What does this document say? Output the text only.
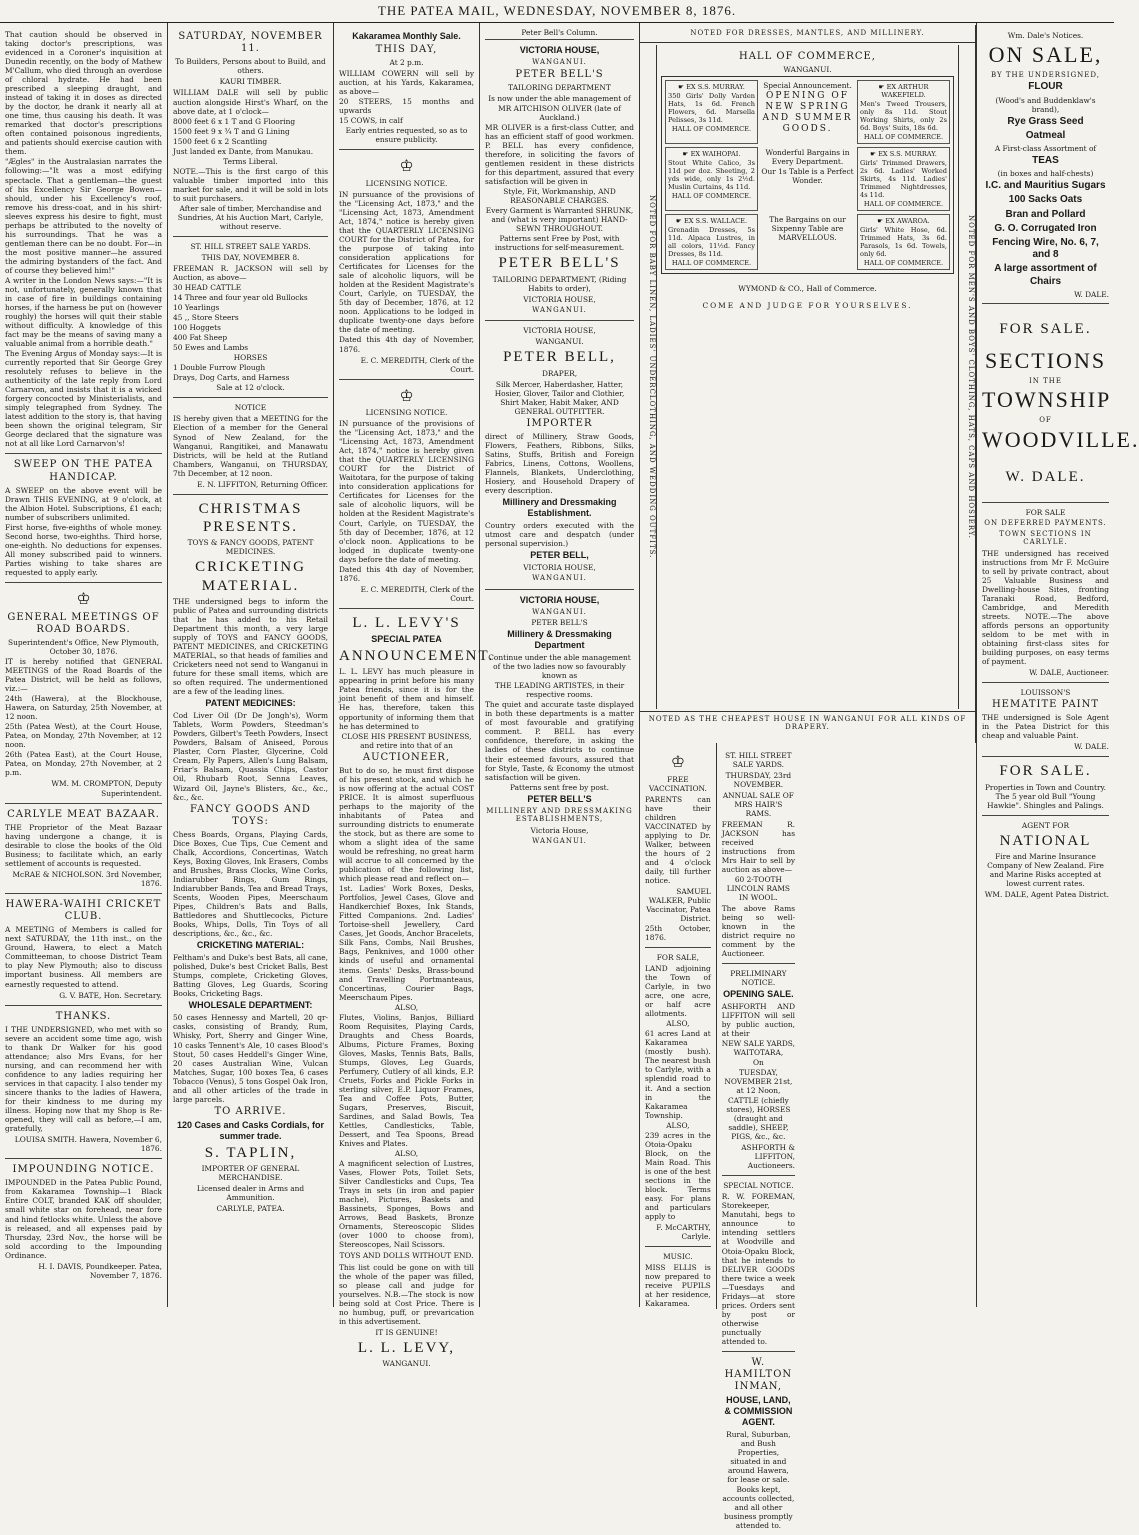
THE PATEA MAIL, WEDNESDAY, NOVEMBER 8, 1876.

That caution should be observed in taking doctor's prescriptions, was evidenced in a Coroner's inquisition at Dunedin recently, on the body of Mathew M'Callum, who died through an overdose of chloral hydrate. He had been prescribed a sleeping draught, and instead of taking it in doses as directed by the doctor, he drank it nearly all at one time, thus causing his death. It was remarked that doctor's prescriptions often contained poisonous ingredients, and patients should exercise caution with them.

"Ægles" in the Australasian narrates the following:—"It was a most edifying spectacle. That a gentleman—the guest of his Excellency Sir George Bowen—should, under his Excellency's roof, remove his dress-coat, and in his shirt-sleeves express his desire to fight, must perhaps be attributed to the novelty of his surroundings. That he was a gentleman there can be no doubt. For—in the most positive manner—he assured the admiring bystanders of the fact. And of course they believed him!"

A writer in the London News says:—"It is not, unfortunately, generally known that in case of fire in buildings containing horses, if the harness be put on (however roughly) the horses will quit their stable without difficulty. A knowledge of this fact may be the means of saving many a valuable animal from a horrible death."

The Evening Argus of Monday says:—It is currently reported that Sir George Grey resolutely refuses to believe in the authenticity of the late reply from Lord Carnarvon, and insists that it is a wicked forgery concocted by Ministerialists, and simply telegraphed from Sydney. The latest addition to the story is, that having been shown the original telegram, Sir George declared that the signature was not at all like Lord Carnarvon's!

SWEEP ON THE PATEA HANDICAP.

A SWEEP on the above event will be Drawn THIS EVENING, at 9 o'clock, at the Albion Hotel. Subscriptions, £1 each; number of subscribers unlimited.

First horse, five-eighths of whole money. Second horse, two-eighths. Third horse, one-eighth. No deductions for expenses. All money subscribed paid to winners. Parties wishing to take shares are requested to apply early.

♔
GENERAL MEETINGS OF ROAD BOARDS.

Superintendent's Office, New Plymouth, October 30, 1876.

IT is hereby notified that GENERAL MEETINGS of the Road Boards of the Patea District, will be held as follows, viz.:—

24th (Hawera), at the Blockhouse, Hawera, on Saturday, 25th November, at 12 noon.

25th (Patea West), at the Court House, Patea, on Monday, 27th November, at 12 noon.

26th (Patea East), at the Court House, Patea, on Monday, 27th November, at 2 p.m.

WM. M. CROMPTON, Deputy Superintendent.

CARLYLE MEAT BAZAAR.

THE Proprietor of the Meat Bazaar having undergone a change, it is desirable to close the books of the Old Business; to facilitate which, an early settlement of accounts is requested.

McRAE & NICHOLSON. 3rd November, 1876.

HAWERA-WAIHI CRICKET CLUB.

A MEETING of Members is called for next SATURDAY, the 11th inst., on the Ground, Hawera, to elect a Match Committeeman, to choose District Team to play New Plymouth; also to discuss important business. All members are earnestly requested to attend.

G. V. BATE, Hon. Secretary.

THANKS.

I THE UNDERSIGNED, who met with so severe an accident some time ago, wish to thank Dr Walker for his good attendance; also Mrs Evans, for her nursing, and can recommend her with confidence to any ladies requiring her services in that capacity. I also tender my sincere thanks to the ladies of Hawera, for their kindness to me during my illness. Hoping now that my Shop is Re-opened, they will call as before,—I am, gratefully,

LOUISA SMITH. Hawera, November 6, 1876.

IMPOUNDING NOTICE.

IMPOUNDED in the Patea Public Pound, from Kakaramea Township—1 Black Entire COLT, branded KAK off shoulder, small white star on forehead, near fore and hind fetlocks white. Unless the above is released, and all expenses paid by Thursday, 23rd Nov., the horse will be sold according to the Impounding Ordinance.

H. I. DAVIS, Poundkeeper. Patea, November 7, 1876.

SATURDAY, NOVEMBER 11.
To Builders, Persons about to Build, and others.
KAURI TIMBER.

WILLIAM DALE will sell by public auction alongside Hirst's Wharf, on the above date, at 1 o'clock—

8000 feet 6 x 1 T and G Flooring

1500 feet 9 x ¾ T and G Lining

1500 feet 6 x 2 Scantling

Just landed ex Dante, from Manukau.

Terms Liberal.

NOTE.—This is the first cargo of this valuable timber imported into this market for sale, and it will be sold in lots to suit purchasers.

After sale of timber, Merchandise and Sundries, At his Auction Mart, Carlyle, without reserve.

ST. HILL STREET SALE YARDS.
THIS DAY, NOVEMBER 8.

FREEMAN R. JACKSON will sell by Auction, as above—

30 HEAD CATTLE

14 Three and four year old Bullocks

10 Yearlings

45 ,, Store Steers

100 Hoggets

400 Fat Sheep

50 Ewes and Lambs

HORSES

1 Double Furrow Plough

Drays, Dog Carts, and Harness

Sale at 12 o'clock.

NOTICE

IS hereby given that a MEETING for the Election of a member for the General Synod of New Zealand, for the Wanganui, Rangitikei, and Manawatu Districts, will be held at the Rutland Chambers, Wanganui, on THURSDAY, 7th December, at 12 noon.

E. N. LIFFITON, Returning Officer.

CHRISTMAS PRESENTS.
TOYS & FANCY GOODS, PATENT MEDICINES.
CRICKETING MATERIAL.

THE undersigned begs to inform the public of Patea and surrounding districts that he has added to his Retail Department this month, a very large supply of TOYS and FANCY GOODS, PATENT MEDICINES, and CRICKETING MATERIAL, so that heads of families and Cricketers need not send to Wanganui in future for these small items, which are so often required. The undermentioned are a few of the leading lines.

PATENT MEDICINES:

Cod Liver Oil (Dr De Jongh's), Worm Tablets, Worm Powders, Steedman's Powders, Gilbert's Teeth Powders, Insect Powders, Balsam of Aniseed, Porous Plaster, Corn Plaster, Glycerine, Cold Cream, Fly Papers, Allen's Lung Balsam, Friar's Balsam, Quassia Chips, Castor Oil, Rhubarb Root, Senna Leaves, Wizard Oil, Jayne's Blisters, &c., &c., &c., &c.

FANCY GOODS AND TOYS:

Chess Boards, Organs, Playing Cards, Dice Boxes, Cue Tips, Cue Cement and Chalk, Accordions, Concertinas, Watch Keys, Boxing Gloves, Ink Erasers, Combs and Brushes, Brass Clocks, Wine Corks, Indiarubber Rings, Gum Rings, Indiarubber Bands, Tea and Bread Trays, Scents, Wooden Pipes, Meerschaum Pipes, Children's Bats and Balls, Battledores and Shuttlecocks, Picture Books, Whips, Dolls, Tin Toys of all descriptions, &c., &c., &c.

CRICKETING MATERIAL:

Feltham's and Duke's best Bats, all cane, polished, Duke's best Cricket Balls, Best Stumps, complete, Cricketing Gloves, Batting Gloves, Leg Guards, Scoring Books, Cricketing Bags.

WHOLESALE DEPARTMENT:

50 cases Hennessy and Martell, 20 qr-casks, consisting of Brandy, Rum, Whisky, Port, Sherry and Ginger Wine, 10 casks Tennent's Ale, 10 cases Blood's Stout, 50 cases Heddell's Ginger Wine, 20 cases Australian Wine, Vulcan Matches, Sugar, 100 boxes Tea, 6 cases Tobacco (Venus), 5 tons Gospel Oak Iron, and all other articles of the trade in large parcels.

TO ARRIVE.
120 Cases and Casks Cordials, for summer trade.
S. TAPLIN,
IMPORTER OF GENERAL MERCHANDISE.
Licensed dealer in Arms and Ammunition.
CARLYLE, PATEA.
Kakaramea Monthly Sale.
THIS DAY,
At 2 p.m.

WILLIAM COWERN will sell by auction, at his Yards, Kakaramea, as above—

20 STEERS, 15 months and upwards

15 COWS, in calf

Early entries requested, so as to ensure publicity.

♔
LICENSING NOTICE.

IN pursuance of the provisions of the "Licensing Act, 1873," and the "Licensing Act, 1873, Amendment Act, 1874," notice is hereby given that the QUARTERLY LICENSING COURT for the District of Patea, for the purpose of taking into consideration applications for Certificates for Licenses for the sale of alcoholic liquors, will be holden at the Resident Magistrate's Court, Carlyle, on TUESDAY, the 5th day of December, 1876, at 12 noon. Applications to be lodged in duplicate twenty-one days before the date of meeting.

Dated this 4th day of November, 1876.

E. C. MEREDITH, Clerk of the Court.

♔
LICENSING NOTICE.

IN pursuance of the provisions of the "Licensing Act, 1873," and the "Licensing Act, 1873, Amendment Act, 1874," notice is hereby given that the QUARTERLY LICENSING COURT for the District of Waitotara, for the purpose of taking into consideration applications for Certificates for Licenses for the sale of alcoholic liquors, will be holden at the Resident Magistrate's Court, Carlyle, on TUESDAY, the 5th day of December, 1876, at 12 o'clock noon. Applications to be lodged in duplicate twenty-one days before the date of meeting.

Dated this 4th day of November, 1876.

E. C. MEREDITH, Clerk of the Court.

L. L. LEVY'S
SPECIAL PATEA
ANNOUNCEMENT.

L. L. LEVY has much pleasure in appearing in print before his many Patea friends, since it is for the joint benefit of them and himself. He has, therefore, taken this opportunity of informing them that he has determined to

CLOSE HIS PRESENT BUSINESS, and retire into that of an

AUCTIONEER,

But to do so, he must first dispose of his present stock, and which he is now offering at the actual COST PRICE. It is almost superfluous perhaps to the majority of the inhabitants of Patea and surrounding districts to enumerate the stock, but as there are some to whom a slight idea of the same would be refreshing, no great harm will accrue to all concerned by the publication of the following list, which please read and reflect on—

1st. Ladies' Work Boxes, Desks, Portfolios, Jewel Cases, Glove and Handkerchief Boxes, Ink Stands, Fitted Companions. 2nd. Ladies' Tortoise-shell Jewellery, Card Cases, Jet Goods, Anchor Bracelets, Silk Fans, Combs, Nail Brushes, Bags, Penknives, and 1000 other kinds of useful and ornamental items. Gents' Desks, Brass-bound and Travelling Portmanteaus, Concertinas, Courier Bags, Meerschaum Pipes.

ALSO,

Flutes, Violins, Banjos, Billiard Room Requisites, Playing Cards, Draughts and Chess Boards, Albums, Picture Frames, Boxing Gloves, Masks, Tennis Bats, Balls, Stumps, Gloves, Leg Guards, Perfumery, Cutlery of all kinds, E.P. Cruets, Forks and Pickle Forks in sterling silver, E.P. Liquor Frames, Tea and Coffee Pots, Butter, Sugars, Preserves, Biscuit, Sardines, and Salad Bowls, Tea Kettles, Candlesticks, Table, Dessert, and Tea Spoons, Bread Knives and Plates.

ALSO,

A magnificent selection of Lustres, Vases, Flower Pots, Toilet Sets, Silver Candlesticks and Cups, Tea Trays in sets (in iron and papier mache), Pictures, Baskets and Bassinets, Sponges, Bows and Arrows, Bead Baskets, Bronze Ornaments, Stereoscopic Slides (over 1000 to choose from), Stereoscopes, Nail Scissors.

TOYS AND DOLLS WITHOUT END.

This list could be gone on with till the whole of the paper was filled, so please call and judge for yourselves. N.B.—The stock is now being sold at Cost Price. There is no humbug, puff, or prevarication in this advertisement.

IT IS GENUINE!
L. L. LEVY,
WANGANUI.
Peter Bell's Column.
VICTORIA HOUSE,
WANGANUI.
PETER BELL'S
TAILORING DEPARTMENT

Is now under the able management of

MR AITCHISON OLIVER (late of Auckland.)

MR OLIVER is a first-class Cutter, and has an efficient staff of good workmen. P. BELL has every confidence, therefore, in soliciting the favors of gentlemen resident in these districts for this department, assured that every satisfaction will be given in

Style, Fit, Workmanship, AND REASONABLE CHARGES.

Every Garment is Warranted SHRUNK, and (what is very important) HAND-SEWN THROUGHOUT.

Patterns sent Free by Post, with instructions for self-measurement.

PETER BELL'S

TAILORING DEPARTMENT, (Riding Habits to order),

VICTORIA HOUSE,
WANGANUI.
VICTORIA HOUSE,
WANGANUI.
PETER BELL,
DRAPER,

Silk Mercer, Haberdasher, Hatter, Hosier, Glover, Tailor and Clothier, Shirt Maker, Habit Maker, AND GENERAL OUTFITTER.

IMPORTER

direct of Millinery, Straw Goods, Flowers, Feathers, Ribbons, Silks, Satins, Stuffs, British and Foreign Fabrics, Linens, Cottons, Woollens, Flannels, Blankets, Underclothing, Hosiery, and Household Drapery of every description.

Millinery and Dressmaking Establishment.

Country orders executed with the utmost care and despatch (under personal supervision.)

PETER BELL,
VICTORIA HOUSE,
WANGANUI.
VICTORIA HOUSE,
WANGANUI.
PETER BELL'S
Millinery & Dressmaking Department

Continue under the able management of the two ladies now so favourably known as

THE LEADING ARTISTES, in their respective rooms.

The quiet and accurate taste displayed in both these departments is a matter of most favourable and gratifying comment. P. BELL has every confidence, therefore, in asking the ladies of these districts to continue their esteemed favours, assured that for Style, Taste, & Economy the utmost satisfaction will be given.

Patterns sent free by post.

PETER BELL'S
MILLINERY AND DRESSMAKING ESTABLISHMENTS,
Victoria House,
WANGANUI.
NOTED FOR DRESSES, MANTLES, AND MILLINERY.
NOTED FOR BABY LINEN, LADIES' UNDERCLOTHING, AND WEDDING OUTFITS.
HALL OF COMMERCE,
WANGANUI.
☛ EX S.S. MURRAY.

350 Girls' Dolly Varden Hats, 1s 6d. French Flowers, 6d. Marsella Pelisses, 3s 11d.

HALL OF COMMERCE.

Special Announcement.

OPENING OF NEW SPRING AND SUMMER GOODS.

☛ EX ARTHUR WAKEFIELD.

Men's Tweed Trousers, only 8s 11d. Stout Working Shirts, only 2s 6d. Boys' Suits, 18s 6d.

HALL OF COMMERCE.
☛ EX WAIHOPAI.

Stout White Calico, 3s 11d per doz. Sheeting, 2 yds wide, only 1s 2½d. Muslin Curtains, 4s 11d.

HALL OF COMMERCE.

Wonderful Bargains in Every Department.

Our 1s Table is a Perfect Wonder.

☛ EX S.S. MURRAY.

Girls' Trimmed Drawers, 2s 6d. Ladies' Worked Skirts, 4s 11d. Ladies' Trimmed Nightdresses, 4s 11d.

HALL OF COMMERCE.
☛ EX S.S. WALLACE.

Grenadin Dresses, 5s 11d. Alpaca Lustres, in all colors, 11½d. Fancy Dresses, 8s 11d.

HALL OF COMMERCE.

The Bargains on our Sixpenny Table are MARVELLOUS.

☛ EX AWAROA.

Girls' White Hose, 6d. Trimmed Hats, 3s 6d. Parasols, 1s 6d. Towels, only 6d.

HALL OF COMMERCE.

WYMOND & CO., Hall of Commerce.

COME AND JUDGE FOR YOURSELVES.	NOTED FOR MEN'S AND BOYS' CLOTHING, HATS, CAPS AND HOSIERY.
NOTED AS THE CHEAPEST HOUSE IN WANGANUI FOR ALL KINDS OF DRAPERY.
♔
FREE VACCINATION.

PARENTS can have their children VACCINATED by applying to Dr. Walker, between the hours of 2 and 4 o'clock daily, till further notice.

SAMUEL WALKER, Public Vaccinator, Patea District.

25th October, 1876.

FOR SALE,

LAND adjoining the Town of Carlyle, in two acre, one acre, or half acre allotments.

ALSO,

61 acres Land at Kakaramea (mostly bush). The nearest bush to Carlyle, with a splendid road to it. And a section in the Kakaramea Township.

ALSO,

239 acres in the Otoia-Opaku Block, on the Main Road. This is one of the best sections in the block. Terms easy. For plans and particulars apply to

F. McCARTHY, Carlyle.

MUSIC.

MISS ELLIS is now prepared to receive PUPILS at her residence, Kakaramea.

ST. HILL STREET SALE YARDS.
THURSDAY, 23rd NOVEMBER.
ANNUAL SALE OF MRS HAIR'S RAMS.

FREEMAN R. JACKSON has received instructions from Mrs Hair to sell by auction as above—

60 2-TOOTH LINCOLN RAMS IN WOOL.

The above Rams being so well-known in the district require no comment by the Auctioneer.

PRELIMINARY NOTICE.
OPENING SALE.

ASHFORTH AND LIFFITON will sell by public auction, at their

NEW SALE YARDS, WAITOTARA,

On

TUESDAY, NOVEMBER 21st, at 12 Noon,

CATTLE (chiefly stores), HORSES (draught and saddle), SHEEP, PIGS, &c., &c.

ASHFORTH & LIFFITON, Auctioneers.

SPECIAL NOTICE.

R. W. FOREMAN, Storekeeper, Manutahi, begs to announce to intending settlers at Woodville and Otoia-Opaku Block, that he intends to DELIVER GOODS there twice a week—Tuesdays and Fridays—at store prices. Orders sent by post or otherwise punctually attended to.

W. HAMILTON INMAN,
HOUSE, LAND, & COMMISSION AGENT.

Rural, Suburban, and Bush Properties, situated in and around Hawera, for lease or sale. Books kept, accounts collected, and all other business promptly attended to.

Wm. Dale's Notices.
ON SALE,
BY THE UNDERSIGNED,
FLOUR
(Wood's and Buddenklaw's brand),
Rye Grass Seed
Oatmeal
A First-class Assortment of
TEAS
(in boxes and half-chests)
I.C. and Mauritius Sugars
100 Sacks Oats
Bran and Pollard
G. O. Corrugated Iron
Fencing Wire, No. 6, 7, and 8
A large assortment of Chairs
W. DALE.
FOR SALE.
SECTIONS
IN THE
TOWNSHIP
OF
WOODVILLE.
W. DALE.
FOR SALE
ON DEFERRED PAYMENTS.
TOWN SECTIONS IN CARLYLE.

THE undersigned has received instructions from Mr F. McGuire to sell by private contract, about 25 Valuable Business and Dwelling-house Sites, fronting Taranaki Road, Bedford, Cambridge, and Meredith streets. NOTE.—The above affords persons an opportunity seldom to be met with in obtaining first-class sites for building purposes, on easy terms of payment.

W. DALE, Auctioneer.

LOUISSON'S
HEMATITE PAINT

THE undersigned is Sole Agent in the Patea District for this cheap and valuable Paint.

W. DALE.

FOR SALE.

Properties in Town and Country. The 5 year old Bull "Young Hawkie". Shingles and Palings.

AGENT FOR
NATIONAL

Fire and Marine Insurance Company of New Zealand. Fire and Marine Risks accepted at lowest current rates.

WM. DALE, Agent Patea District.
